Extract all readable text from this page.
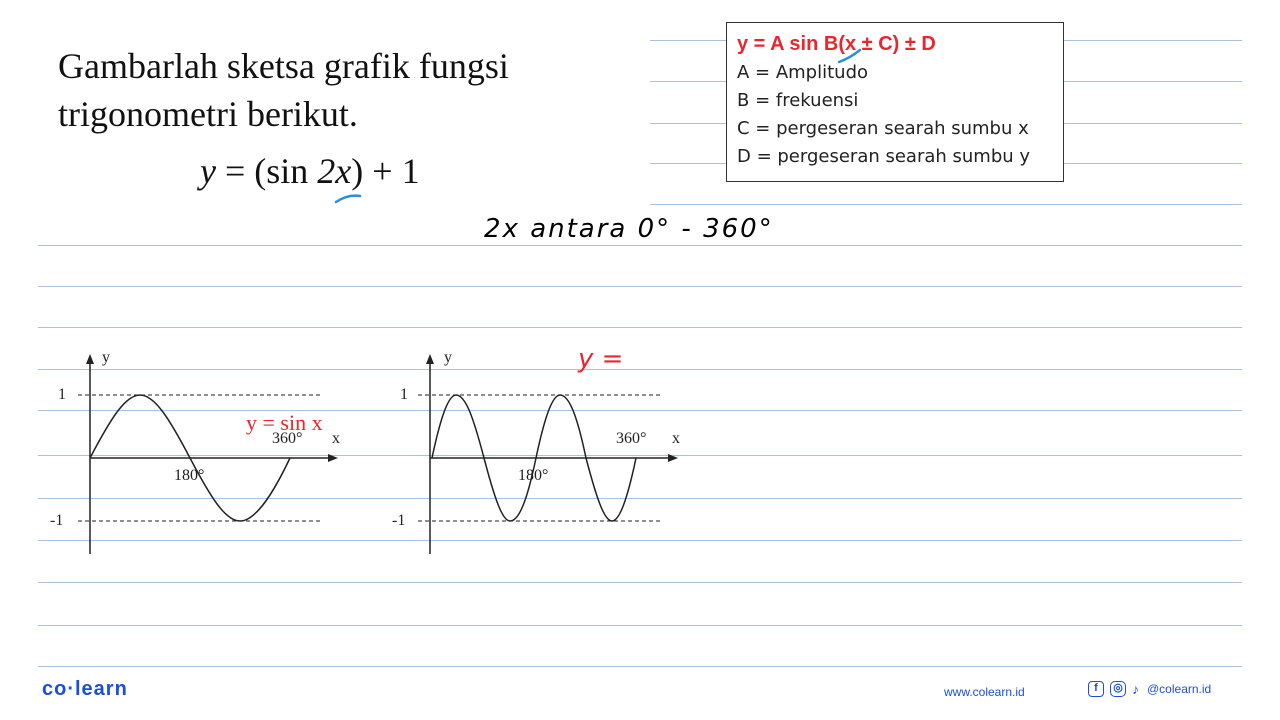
Gambarlah sketsa grafik fungsi
trigonometri berikut.
y = (sin 2x) + 1
y = A sin B(x ± C) ± D
A = Amplitudo
B = frekuensi
C = pergeseran searah sumbu x
D = pergeseran searah sumbu y
2x antara 0° - 360°
y
1
-1
180°
360° x
y = sin x
y
1
-1
180°
360° x
y =
co·learn	www.colearn.id	f	◎ ♪ @colearn.id
